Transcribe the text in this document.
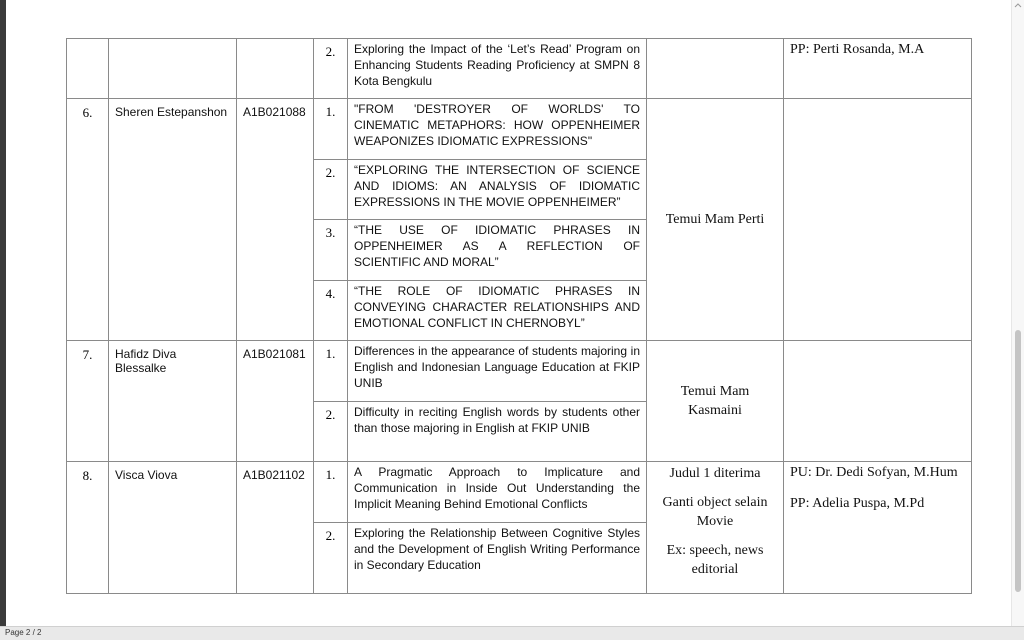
			2.	Exploring the Impact of the ‘Let’s Read’ Program on Enhancing Students Reading Proficiency at SMPN 8 Kota Bengkulu		PP: Perti Rosanda, M.A

6.	Sheren Estepanshon	A1B021088	1.	"FROM 'DESTROYER OF WORLDS' TO CINEMATIC METAPHORS: HOW OPPENHEIMER WEAPONIZES IDIOMATIC EXPRESSIONS"	Temui Mam Perti	

			2.	“EXPLORING THE INTERSECTION OF SCIENCE AND IDIOMS: AN ANALYSIS OF IDIOMATIC EXPRESSIONS IN THE MOVIE OPPENHEIMER”		
			3.	“THE USE OF IDIOMATIC PHRASES IN OPPENHEIMER AS A REFLECTION OF SCIENTIFIC AND MORAL”		
			4.	“THE ROLE OF IDIOMATIC PHRASES IN CONVEYING CHARACTER RELATIONSHIPS AND EMOTIONAL CONFLICT IN CHERNOBYL”		
7.	Hafidz Diva Blessalke	A1B021081	1.	Differences in the appearance of students majoring in English and Indonesian Language Education at FKIP UNIB	Temui Mam
Kasmaini	

			2.	Difficulty in reciting English words by students other than those majoring in English at FKIP UNIB		
8.	Visca Viova	A1B021102	1.	A Pragmatic Approach to Implicature and Communication in Inside Out Understanding the Implicit Meaning Behind Emotional Conflicts	Judul 1 diterima
Ganti object selain
Movie
Ex: speech, news
editorial	PU: Dr. Dedi Sofyan, M.Hum
PP: Adelia Puspa, M.Pd

			2.	Exploring the Relationship Between Cognitive Styles and the Development of English Writing Performance in Secondary Education		
Page 2 / 2
